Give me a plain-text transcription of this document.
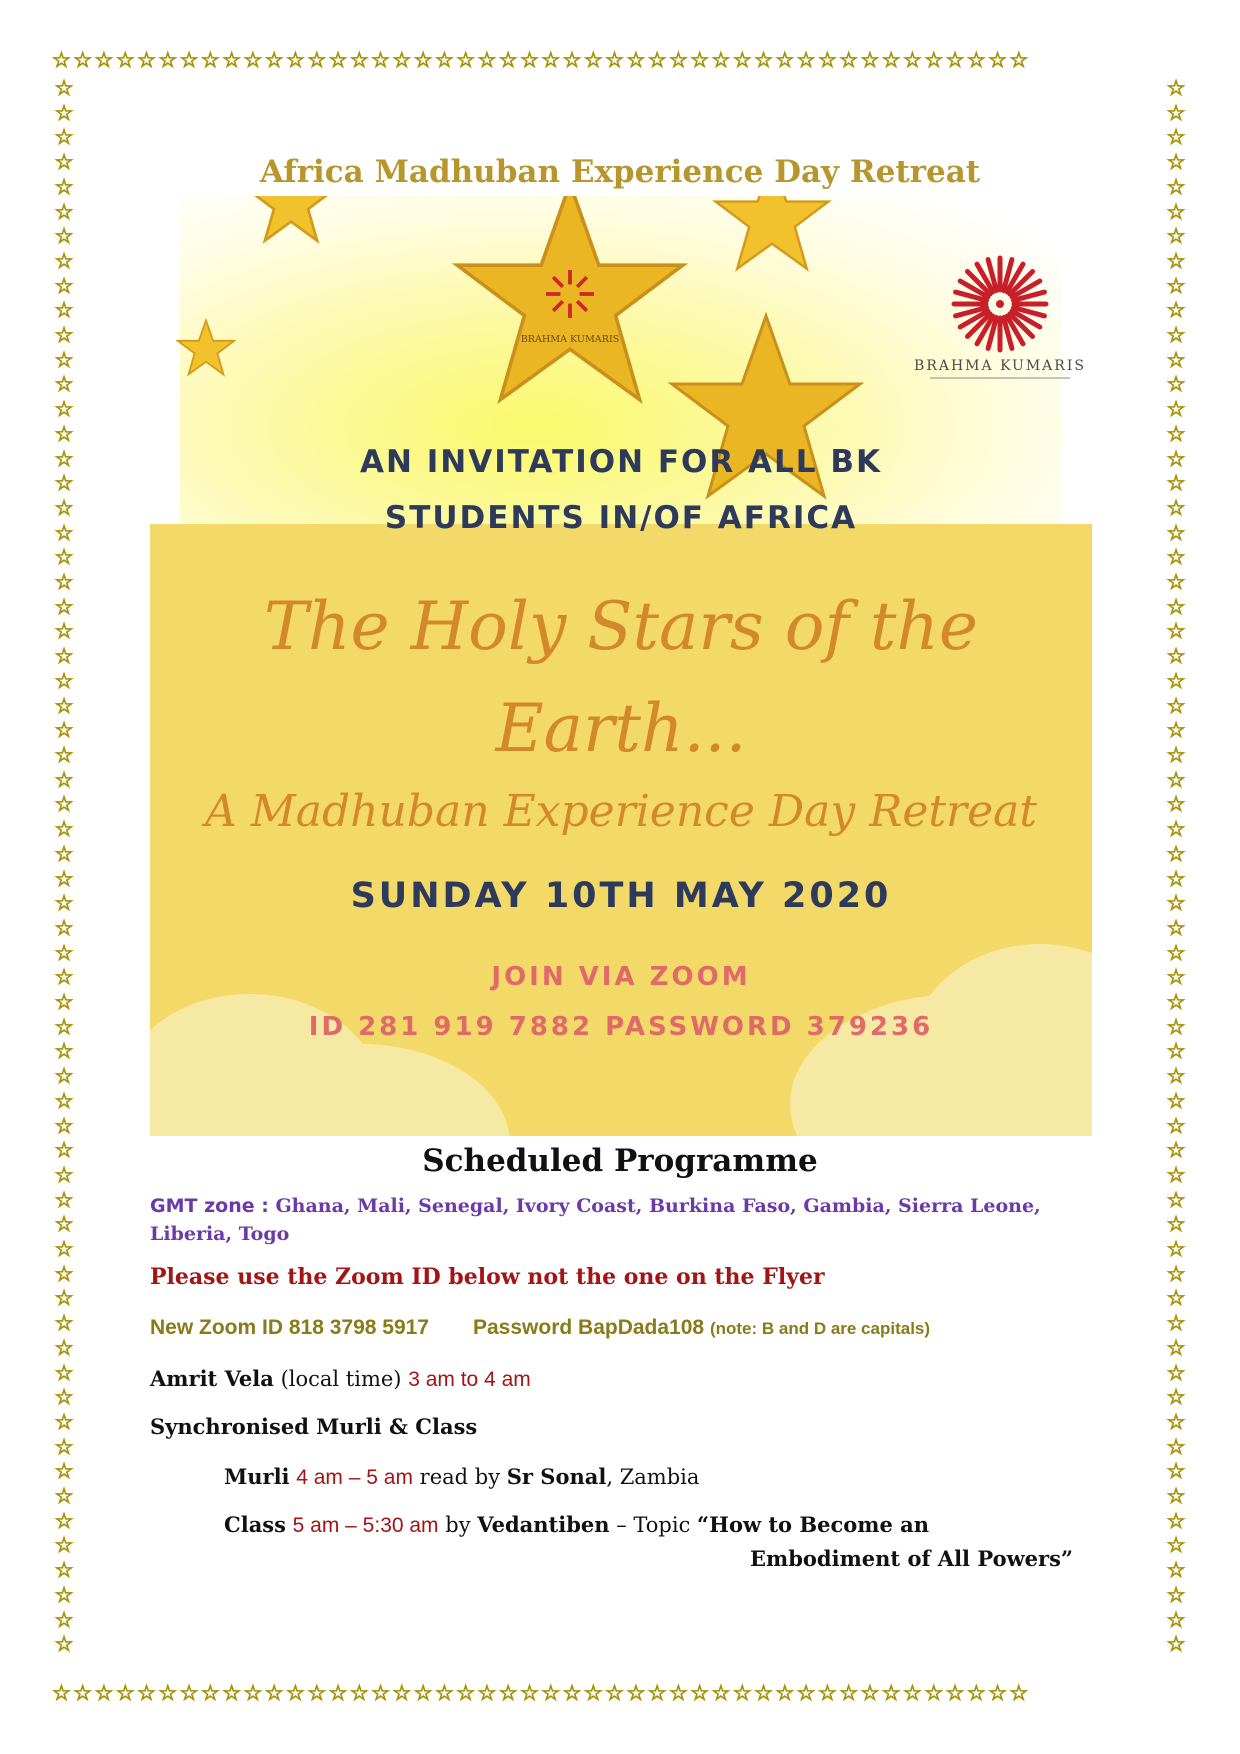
☆☆☆☆☆☆☆☆☆☆☆☆☆☆☆☆☆☆☆☆☆☆☆☆☆☆☆☆☆☆☆☆☆☆☆☆☆☆☆☆☆☆☆☆☆☆
☆☆☆☆☆☆☆☆☆☆☆☆☆☆☆☆☆☆☆☆☆☆☆☆☆☆☆☆☆☆☆☆☆☆☆☆☆☆☆☆☆☆☆☆☆☆
☆☆☆☆☆☆☆☆☆☆☆☆☆☆☆☆☆☆☆☆☆☆☆☆☆☆☆☆☆☆☆☆☆☆☆☆☆☆☆☆☆☆☆☆☆☆☆☆☆☆☆☆☆☆☆☆☆☆☆☆☆☆☆☆
☆☆☆☆☆☆☆☆☆☆☆☆☆☆☆☆☆☆☆☆☆☆☆☆☆☆☆☆☆☆☆☆☆☆☆☆☆☆☆☆☆☆☆☆☆☆☆☆☆☆☆☆☆☆☆☆☆☆☆☆☆☆☆☆
Africa Madhuban Experience Day Retreat
BRAHMA KUMARIS
BRAHMA KUMARIS
AN INVITATION FOR ALL BK
STUDENTS IN/OF AFRICA
The Holy Stars of the
Earth...
A Madhuban Experience Day Retreat
SUNDAY 10TH MAY 2020
JOIN VIA ZOOM
ID 281 919 7882 PASSWORD 379236
Scheduled Programme
GMT zone : Ghana, Mali, Senegal, Ivory Coast, Burkina Faso, Gambia, Sierra Leone, Liberia, Togo
Please use the Zoom ID below not the one on the Flyer
New Zoom ID 818 3798 5917 Password BapDada108 (note: B and D are capitals)
Amrit Vela (local time) 3 am to 4 am
Synchronised Murli & Class
Murli 4 am – 5 am read by Sr Sonal, Zambia
Class 5 am – 5:30 am by Vedantiben – Topic “How to Become an
Embodiment of All Powers”
